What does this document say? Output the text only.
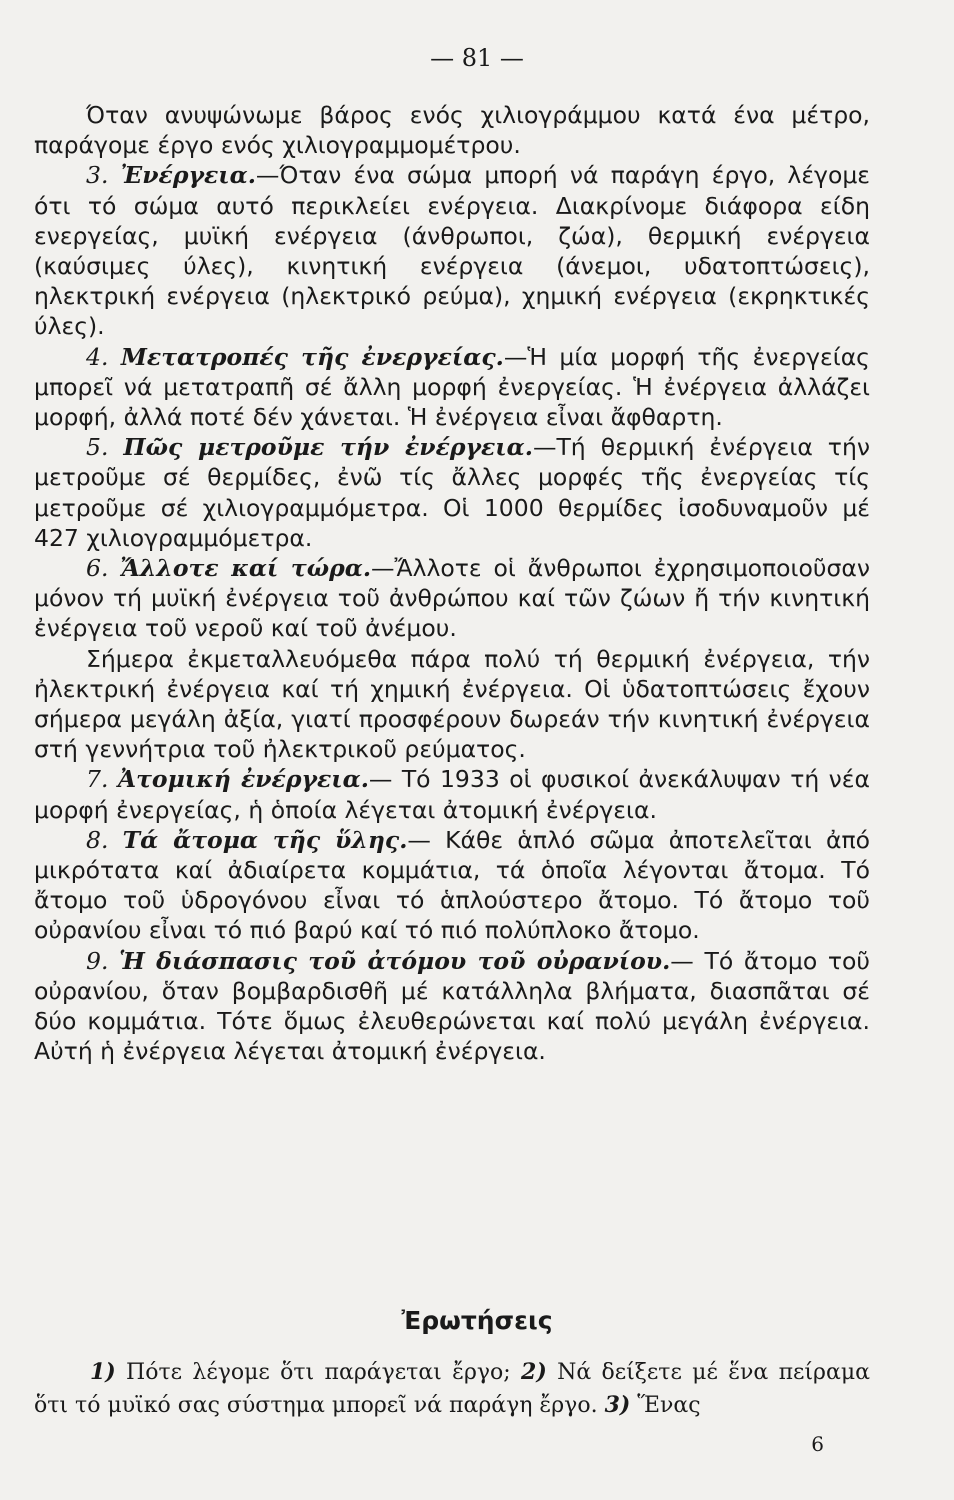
— 81 —

Όταν ανυψώνωμε βάρος ενός χιλιογράμμου κατά ένα μέτρο, παράγομε έργο ενός χιλιογραμμομέτρου.

3. Ἐνέργεια.—Όταν ένα σώμα μπορή νά παράγη έργο, λέγομε ότι τό σώμα αυτό περικλείει ενέργεια. Διακρίνομε διάφορα είδη ενεργείας, μυϊκή ενέργεια (άνθρωποι, ζώα), θερμική ενέργεια (καύσιμες ύλες), κινητική ενέργεια (άνεμοι, υδατοπτώσεις), ηλεκτρική ενέργεια (ηλεκτρικό ρεύμα), χημική ενέργεια (εκρηκτικές ύλες).

4. Μετατροπές τῆς ἐνεργείας.—Ἡ μία μορφή τῆς ἐνεργείας μπορεῖ νά μετατραπῆ σέ ἄλλη μορφή ἐνεργείας. Ἡ ἐνέργεια ἀλλάζει μορφή, ἀλλά ποτέ δέν χάνεται. Ἡ ἐνέργεια εἶναι ἄφθαρτη.

5. Πῶς μετροῦμε τήν ἐνέργεια.—Τή θερμική ἐνέργεια τήν μετροῦμε σέ θερμίδες, ἐνῶ τίς ἄλλες μορφές τῆς ἐνεργείας τίς μετροῦμε σέ χιλιογραμμόμετρα. Οἱ 1000 θερμίδες ἰσοδυναμοῦν μέ 427 χιλιογραμμόμετρα.

6. Ἄλλοτε καί τώρα.—Ἄλλοτε οἱ ἄνθρωποι ἐχρησιμοποιοῦσαν μόνον τή μυϊκή ἐνέργεια τοῦ ἀνθρώπου καί τῶν ζώων ἤ τήν κινητική ἐνέργεια τοῦ νεροῦ καί τοῦ ἀνέμου.

Σήμερα ἐκμεταλλευόμεθα πάρα πολύ τή θερμική ἐνέργεια, τήν ἠλεκτρική ἐνέργεια καί τή χημική ἐνέργεια. Οἱ ὑδατοπτώσεις ἔχουν σήμερα μεγάλη ἀξία, γιατί προσφέρουν δωρεάν τήν κινητική ἐνέργεια στή γεννήτρια τοῦ ἠλεκτρικοῦ ρεύματος.

7. Ἀτομική ἐνέργεια.— Τό 1933 οἱ φυσικοί ἀνεκάλυψαν τή νέα μορφή ἐνεργείας, ἡ ὁποία λέγεται ἀτομική ἐνέργεια.

8. Τά ἄτομα τῆς ὕλης.— Κάθε ἁπλό σῶμα ἀποτελεῖται ἀπό μικρότατα καί ἀδιαίρετα κομμάτια, τά ὁποῖα λέγονται ἄτομα. Τό ἄτομο τοῦ ὑδρογόνου εἶναι τό ἁπλούστερο ἄτομο. Τό ἄτομο τοῦ οὐρανίου εἶναι τό πιό βαρύ καί τό πιό πολύπλοκο ἄτομο.

9. Ἡ διάσπασις τοῦ ἀτόμου τοῦ οὐρανίου.— Τό ἄτομο τοῦ οὐρανίου, ὅταν βομβαρδισθῆ μέ κατάλληλα βλήματα, διασπᾶται σέ δύο κομμάτια. Τότε ὅμως ἐλευθερώνεται καί πολύ μεγάλη ἐνέργεια. Αὐτή ἡ ἐνέργεια λέγεται ἀτομική ἐνέργεια.

Ἐρωτήσεις

1) Πότε λέγομε ὅτι παράγεται ἔργο; 2) Νά δείξετε μέ ἕνα πείραμα ὅτι τό μυϊκό σας σύστημα μπορεῖ νά παράγη ἔργο. 3) Ἕνας

6
